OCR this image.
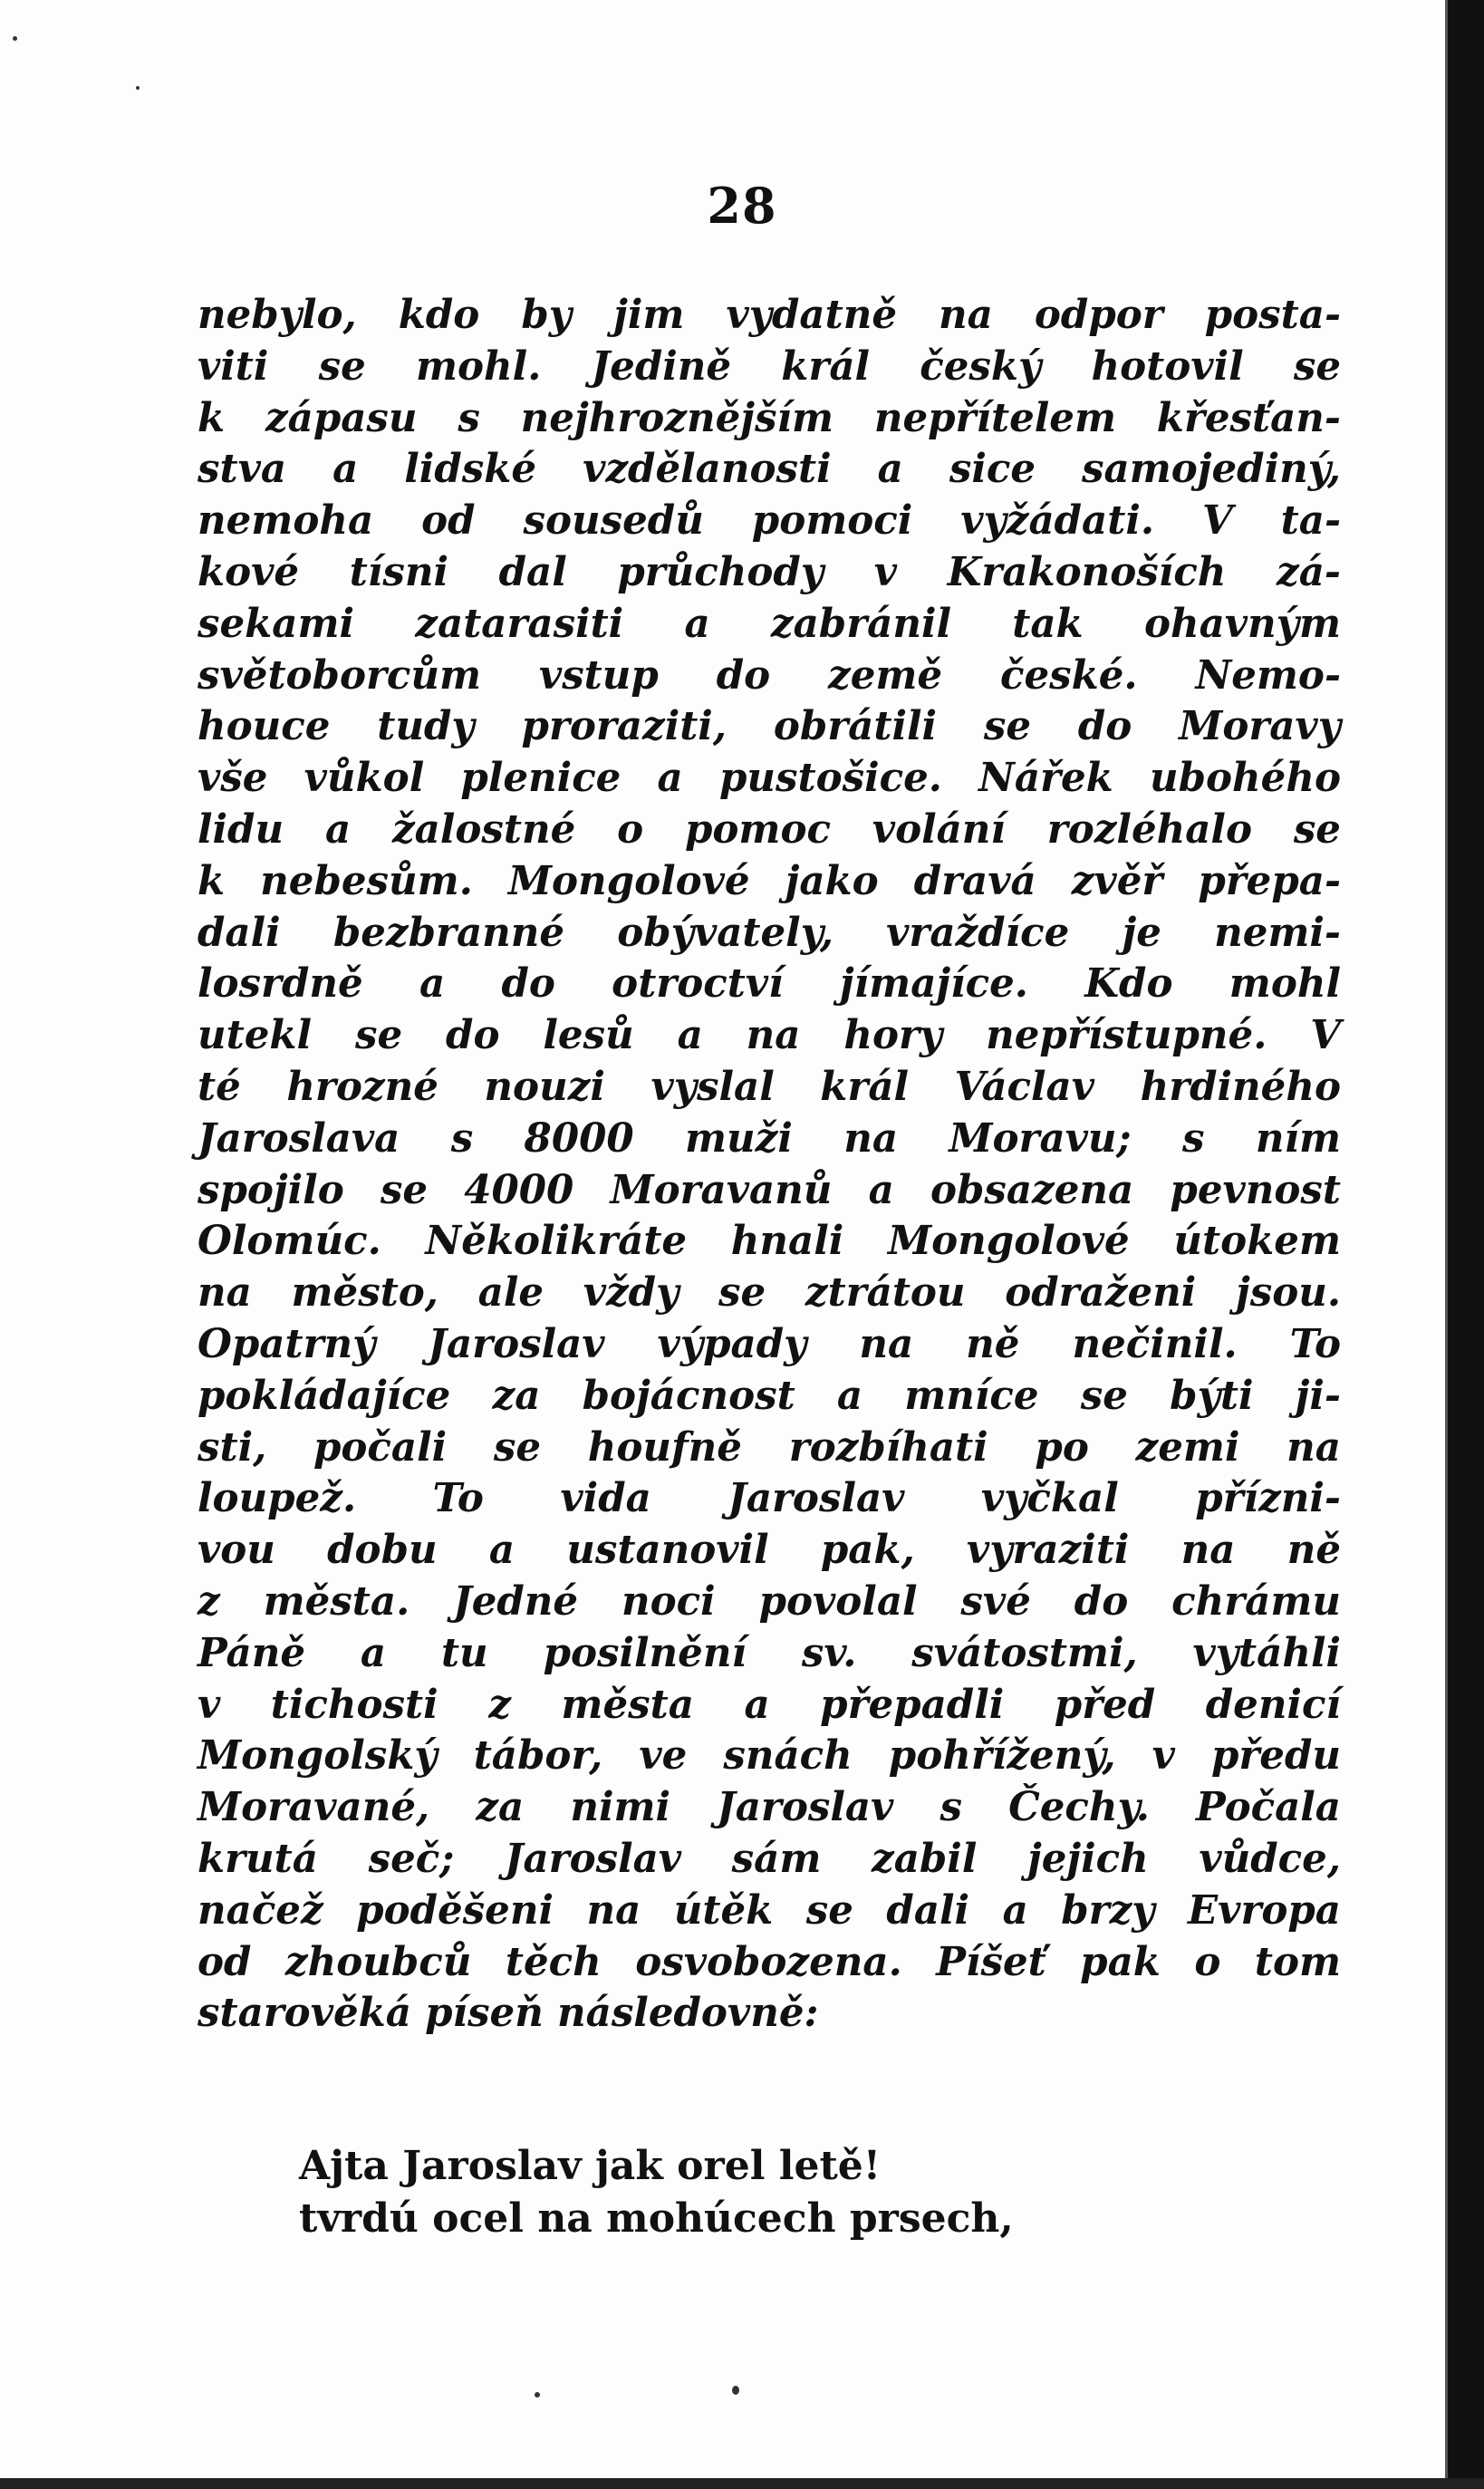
28
nebylo, kdo by jim vydatně na odpor posta-
viti se mohl. Jedině král český hotovil se
k zápasu s nejhroznějším nepřítelem křesťan-
stva a lidské vzdělanosti a sice samojediný,
nemoha od sousedů pomoci vyžádati. V ta-
kové tísni dal průchody v Krakonoších zá-
sekami zatarasiti a zabránil tak ohavným
světoborcům vstup do země české. Nemo-
houce tudy proraziti, obrátili se do Moravy
vše vůkol plenice a pustošice. Nářek ubohého
lidu a žalostné o pomoc volání rozléhalo se
k nebesům. Mongolové jako dravá zvěř přepa-
dali bezbranné obývately, vraždíce je nemi-
losrdně a do otroctví jímajíce. Kdo mohl
utekl se do lesů a na hory nepřístupné. V
té hrozné nouzi vyslal král Václav hrdiného
Jaroslava s 8000 muži na Moravu; s ním
spojilo se 4000 Moravanů a obsazena pevnost
Olomúc. Několikráte hnali Mongolové útokem
na město, ale vždy se ztrátou odraženi jsou.
Opatrný Jaroslav výpady na ně nečinil. To
pokládajíce za bojácnost a mníce se býti ji-
sti, počali se houfně rozbíhati po zemi na
loupež. To vida Jaroslav vyčkal přízni-
vou dobu a ustanovil pak, vyraziti na ně
z města. Jedné noci povolal své do chrámu
Páně a tu posilnění sv. svátostmi, vytáhli
v tichosti z města a přepadli před denicí
Mongolský tábor, ve snách pohřížený, v předu
Moravané, za nimi Jaroslav s Čechy. Počala
krutá seč; Jaroslav sám zabil jejich vůdce,
načež poděšeni na útěk se dali a brzy Evropa
od zhoubců těch osvobozena. Píšeť pak o tom
starověká píseň následovně:
Ajta Jaroslav jak orel letě!
tvrdú ocel na mohúcech prsech,
